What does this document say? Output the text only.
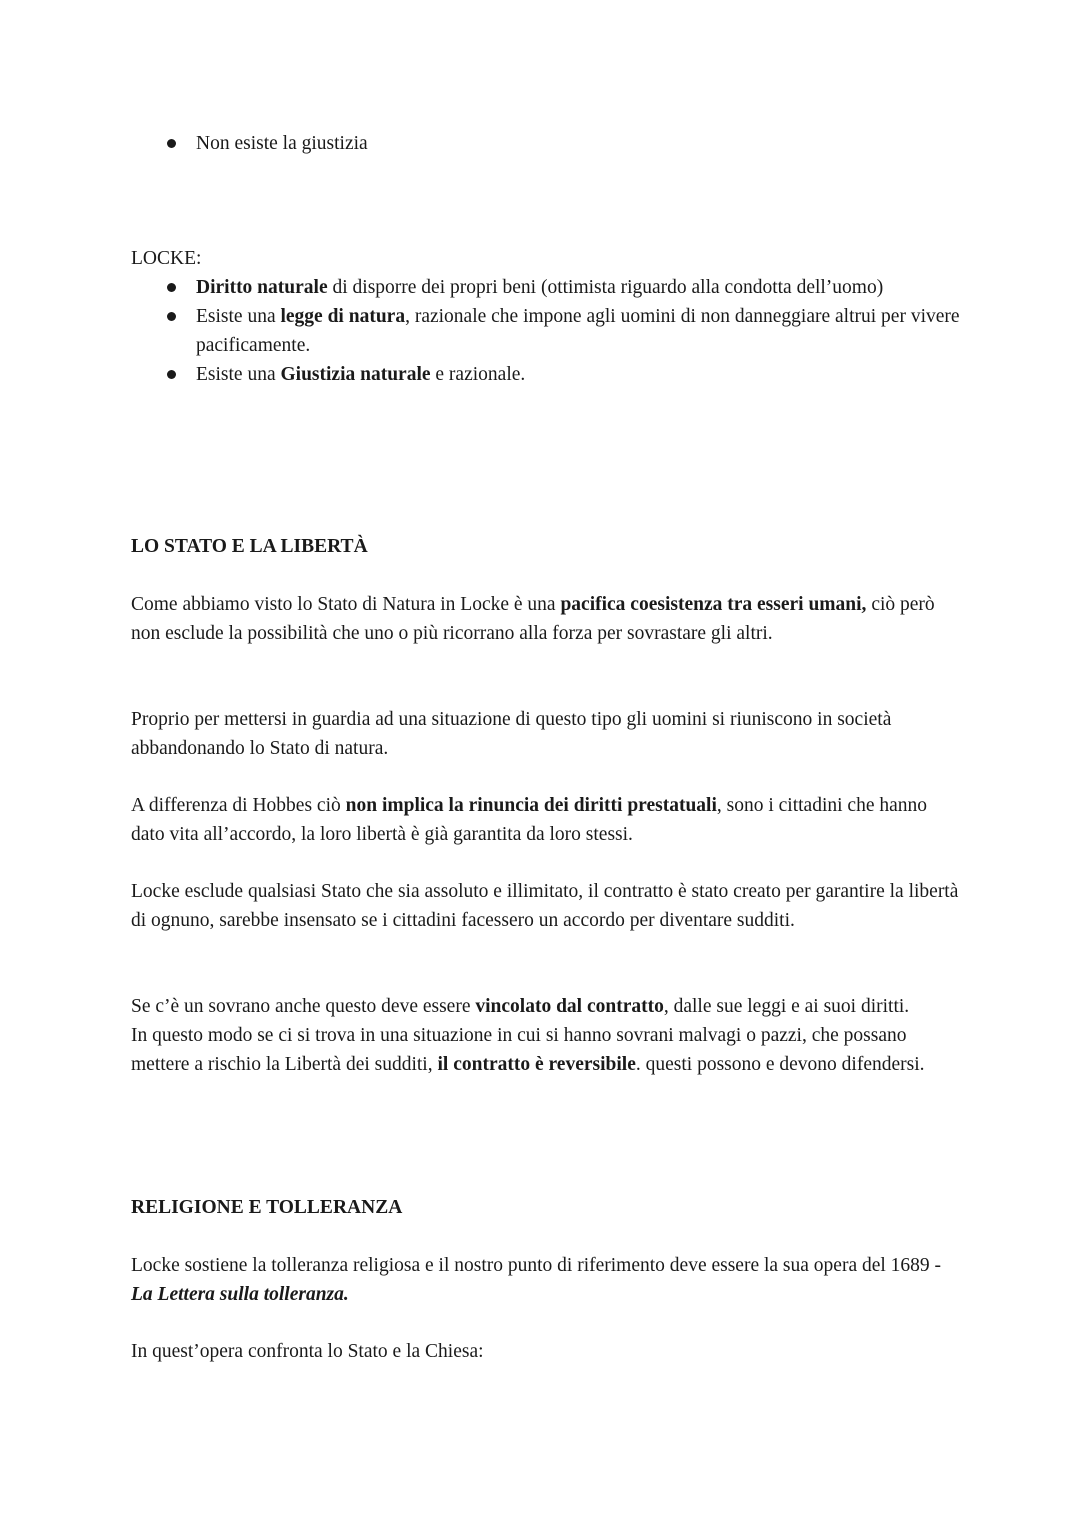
Non esiste la giustizia

LOCKE:

Diritto naturale di disporre dei propri beni (ottimista riguardo alla condotta dell’uomo)
Esiste una legge di natura, razionale che impone agli uomini di non danneggiare altrui per vivere pacificamente.
Esiste una Giustizia naturale e razionale.

LO STATO E LA LIBERTÀ

Come abbiamo visto lo Stato di Natura in Locke è una pacifica coesistenza tra esseri umani, ciò però non esclude la possibilità che uno o più ricorrano alla forza per sovrastare gli altri.

Proprio per mettersi in guardia ad una situazione di questo tipo gli uomini si riuniscono in società abbandonando lo Stato di natura.

A differenza di Hobbes ciò non implica la rinuncia dei diritti prestatuali, sono i cittadini che hanno dato vita all’accordo, la loro libertà è già garantita da loro stessi.

Locke esclude qualsiasi Stato che sia assoluto e illimitato, il contratto è stato creato per garantire la libertà di ognuno, sarebbe insensato se i cittadini facessero un accordo per diventare sudditi.

Se c’è un sovrano anche questo deve essere vincolato dal contratto, dalle sue leggi e ai suoi diritti.

In questo modo se ci si trova in una situazione in cui si hanno sovrani malvagi o pazzi, che possano mettere a rischio la Libertà dei sudditi, il contratto è reversibile. questi possono e devono difendersi.

RELIGIONE E TOLLERANZA

Locke sostiene la tolleranza religiosa e il nostro punto di riferimento deve essere la sua opera del 1689 - La Lettera sulla tolleranza.

In quest’opera confronta lo Stato e la Chiesa:
